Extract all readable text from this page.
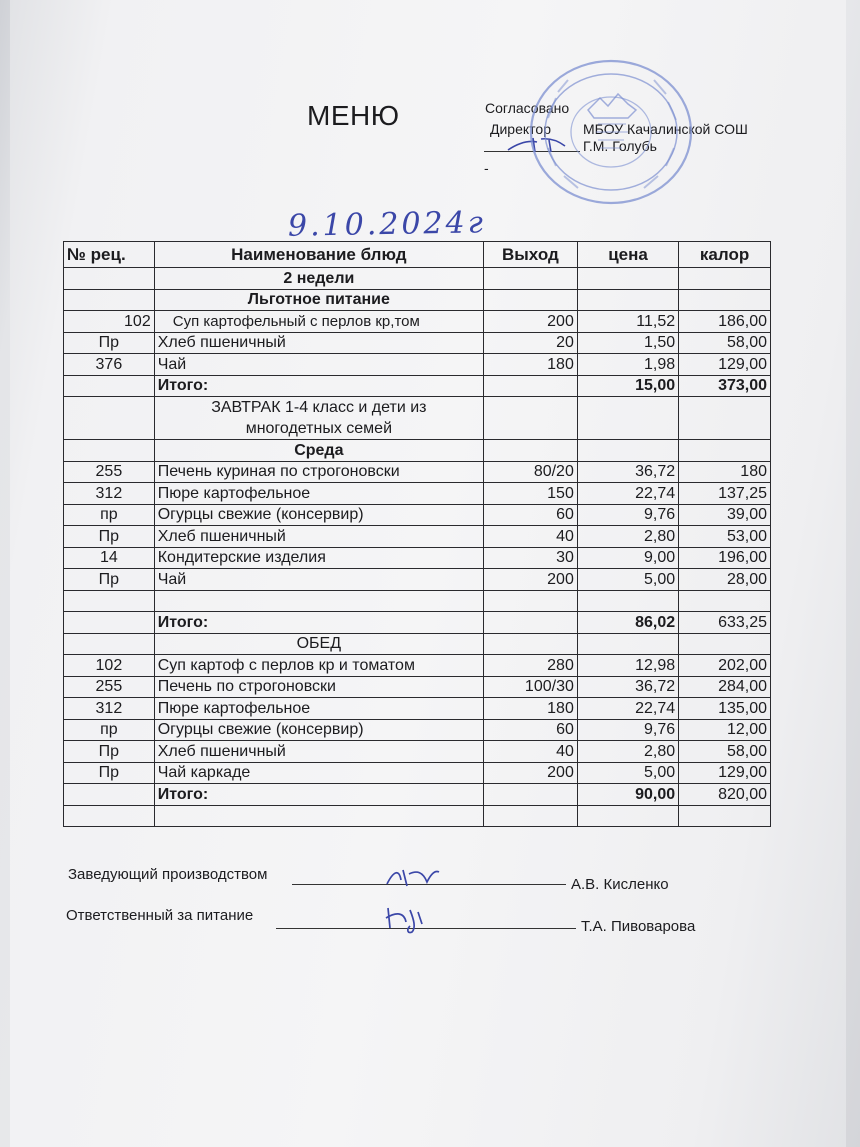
МЕНЮ	Согласовано
Директор МБОУ Качалинской СОШ
Г.М. Голубь
-
9.10.2024г
№ рец.	Наименование блюд	Выход	цена	калор
	2 недели			
	Льготное питание			
102	Суп картофельный с перлов кр,том	200	11,52	186,00
Пр	Хлеб пшеничный	20	1,50	58,00
376	Чай	180	1,98	129,00
	Итого:		15,00	373,00
	ЗАВТРАК 1-4 класс и дети из
многодетных семей			
	Среда			
255	Печень куриная по строгоновски	80/20	36,72	180
312	Пюре картофельное	150	22,74	137,25
пр	Огурцы свежие (консервир)	60	9,76	39,00
Пр	Хлеб пшеничный	40	2,80	53,00
14	Кондитерские изделия	30	9,00	196,00
Пр	Чай	200	5,00	28,00

	Итого:		86,02	633,25
	ОБЕД			
102	Суп картоф с перлов кр и томатом	280	12,98	202,00
255	Печень по строгоновски	100/30	36,72	284,00
312	Пюре картофельное	180	22,74	135,00
пр	Огурцы свежие (консервир)	60	9,76	12,00
Пр	Хлеб пшеничный	40	2,80	58,00
Пр	Чай каркаде	200	5,00	129,00
	Итого:		90,00	820,00

Заведующий производством
А.В. Кисленко
Ответственный за питание
Т.А. Пивоварова
